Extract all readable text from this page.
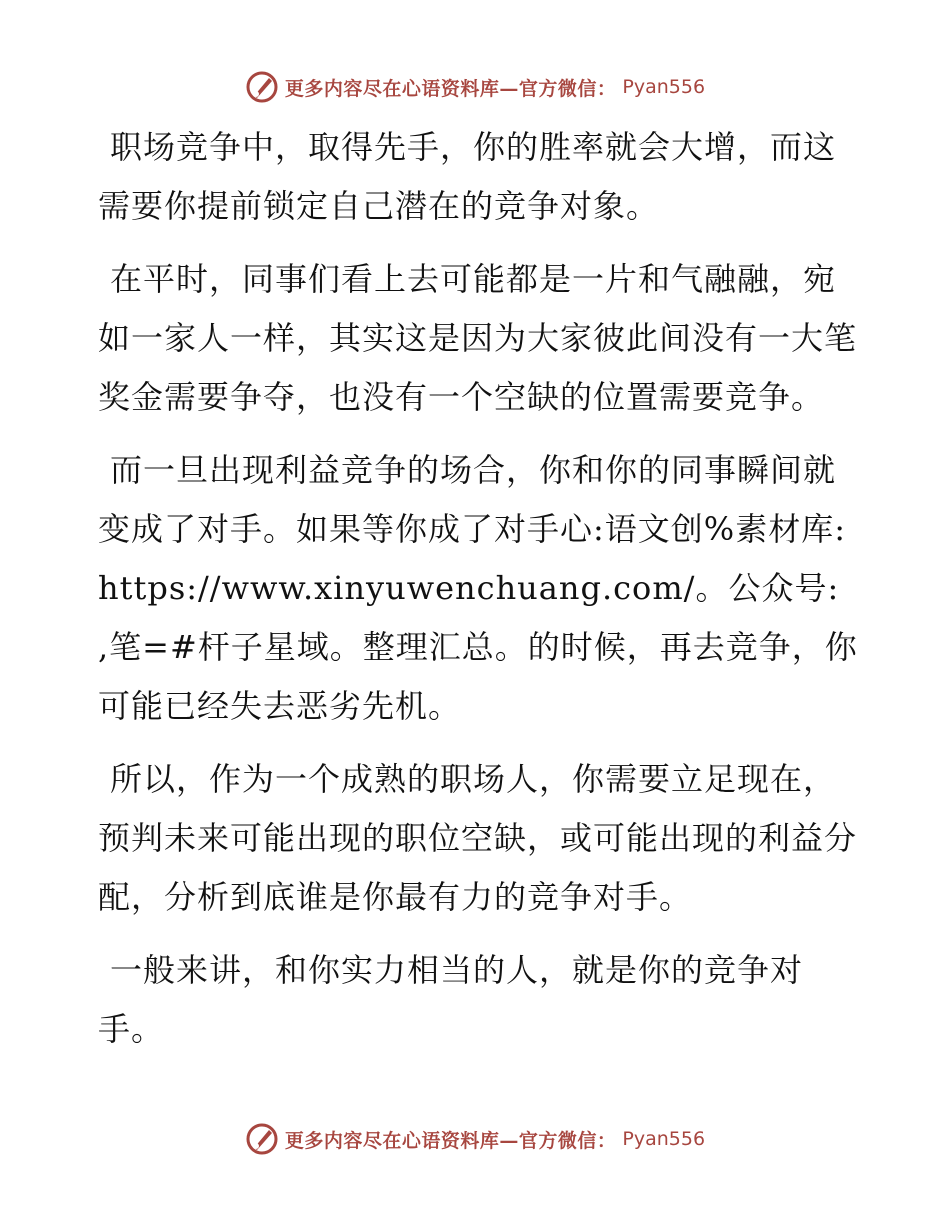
更多内容尽在心语资料库—官方微信： Pyan556

职场竞争中，取得先手，你的胜率就会大增，而这需要你提前锁定自己潜在的竞争对象。

在平时，同事们看上去可能都是一片和气融融，宛如一家人一样，其实这是因为大家彼此间没有一大笔奖金需要争夺，也没有一个空缺的位置需要竞争。

而一旦出现利益竞争的场合，你和你的同事瞬间就变成了对手。如果等你成了对手心:语文创%素材库: https://www.xinyuwenchuang.com/。公众号: ,笔=#杆子星域。整理汇总。的时候，再去竞争，你可能已经失去恶劣先机。

所以，作为一个成熟的职场人，你需要立足现在，预判未来可能出现的职位空缺，或可能出现的利益分配，分析到底谁是你最有力的竞争对手。

一般来讲，和你实力相当的人，就是你的竞争对手。

更多内容尽在心语资料库—官方微信： Pyan556
